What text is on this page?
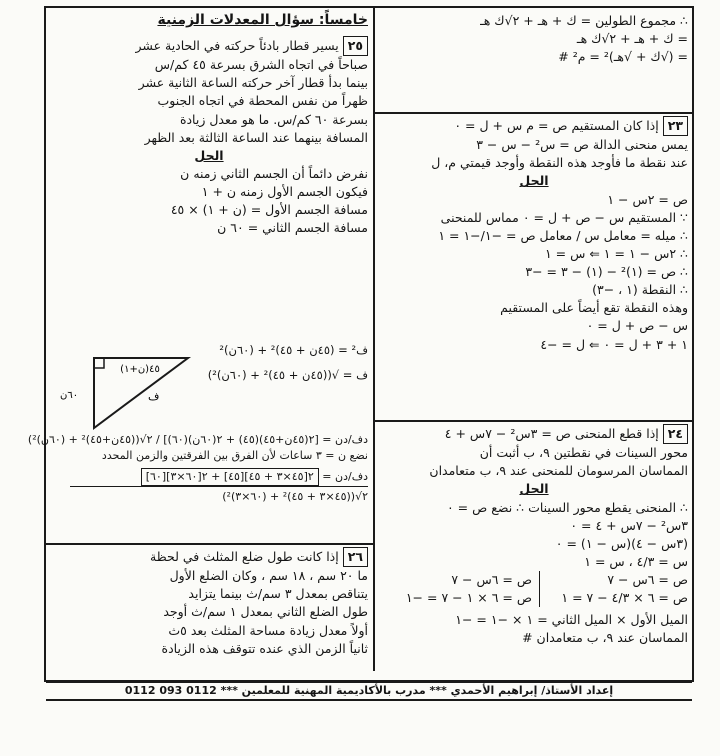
∴ مجموع الطولين = ك + هـ + ٢√ك هـ
= ك + هـ + ٢√ك هـ
= (√ك + √هـ)² = م² #
٢٣إذا كان المستقيم ص = م س + ل = ٠
يمس منحنى الدالة ص = س² − س − ٣
عند نقطة ما فأوجد هذه النقطة وأوجد قيمتي م، ل
الحل
ص = ٢س − ١
∵ المستقيم س − ص + ل = ٠ مماس للمنحنى
∴ ميله = معامل س / معامل ص = −١/−١ = ١
∴ ٢س − ١ = ١ ⇐ س = ١
∴ ص = (١)² − (١) − ٣ = −٣
∴ النقطة (١ ، −٣)
وهذه النقطة تقع أيضاً على المستقيم
س − ص + ل = ٠
١ + ٣ + ل = ٠ ⇐ ل = −٤
٢٤إذا قطع المنحنى ص = ٣س² − ٧س + ٤
محور السينات في نقطتين ٩، ب أثبت أن
المماسان المرسومان للمنحنى عند ٩، ب متعامدان
الحل
∴ المنحنى يقطع محور السينات ∴ نضع ص = ٠
٣س² − ٧س + ٤ = ٠
(٣س − ٤)(س − ١) = ٠
س = ٤/٣ ، س = ١
ص = ٦س − ٧
ص = ٦ × ٤/٣ − ٧ = ١
ص = ٦س − ٧
ص = ٦ × ١ − ٧ = −١
الميل الأول × الميل الثاني = ١ × −١ = −١
المماسان عند ٩، ب متعامدان #
خامساً: سؤال المعدلات الزمنية
٢٥يسير قطار بادئاً حركته في الحادية عشر
صباحاً في اتجاه الشرق بسرعة ٤٥ كم/س
بينما بدأ قطار آخر حركته الساعة الثانية عشر
ظهراً من نفس المحطة في اتجاه الجنوب
بسرعة ٦٠ كم/س. ما هو معدل زيادة
المسافة بينهما عند الساعة الثالثة بعد الظهر
الحل
نفرض دائماً أن الجسم الثاني زمنه ن
فيكون الجسم الأول زمنه ن + ١
مسافة الجسم الأول = (ن + ١) × ٤٥
مسافة الجسم الثاني = ٦٠ ن
(ن+١)٤٥
٦٠ن	ف
ف² = (٤٥ن + ٤٥)² + (٦٠ن)²
ف = √((٤٥ن + ٤٥)² + (٦٠ن)²)
دف/دن = [٢(٤٥ن+٤٥)(٤٥) + ٢(٦٠ن)(٦٠)] / ٢√((٤٥ن+٤٥)² + (٦٠ن)²)
نضع ن = ٣ ساعات لأن الفرق بين الفرقتين والزمن المحدد
دف/دن = ٢[٤٥×٣ + ٤٥][٤٥] + ٢[٦٠×٣][٦٠]
٢√((٤٥×٣ + ٤٥)² + (٦٠×٣)²)
٢٦إذا كانت طول ضلع المثلث في لحظة
ما ٢٠ سم ، ١٨ سم ، وكان الضلع الأول
يتناقص بمعدل ٣ سم/ث بينما يتزايد
طول الضلع الثاني بمعدل ١ سم/ث أوجد
أولاً معدل زيادة مساحة المثلث بعد ٥ث
ثانياً الزمن الذي عنده تتوقف هذه الزيادة
إعداد الأستاذ/ إبراهيم الأحمدي *** مدرب بالأكاديمية المهنية للمعلمين *** 0112 093 0112
